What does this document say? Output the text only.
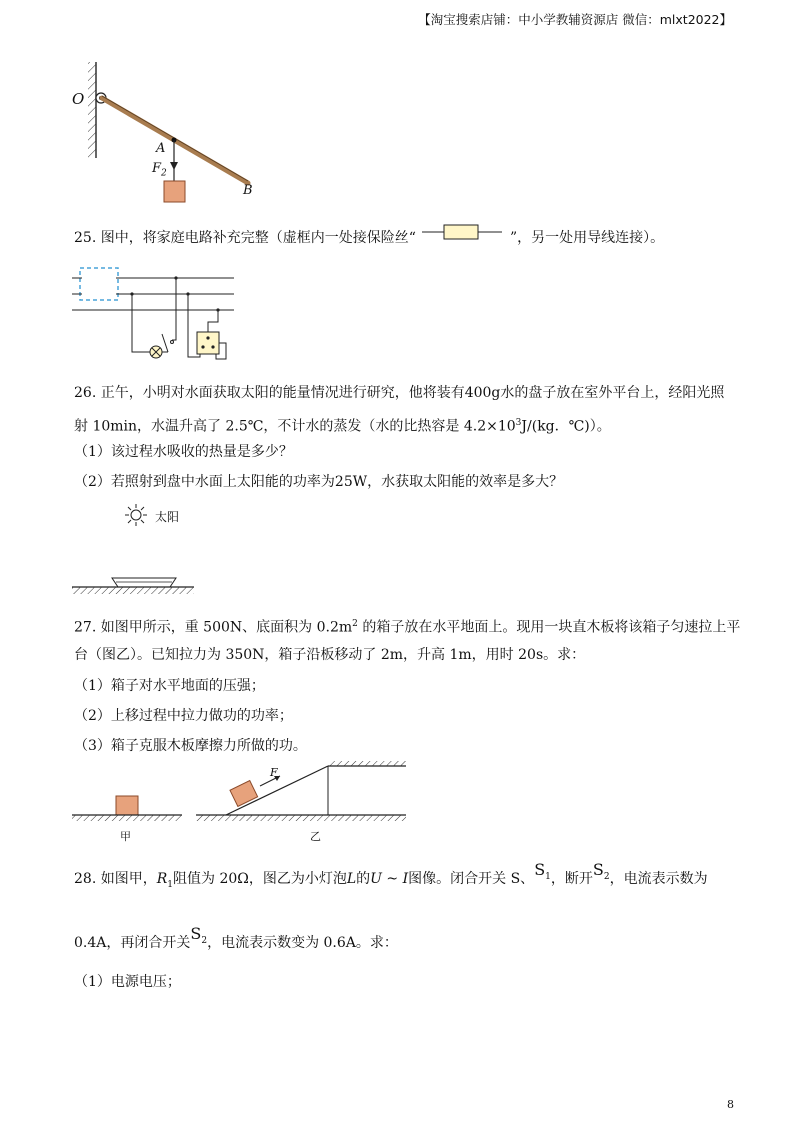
【淘宝搜索店铺：中小学教辅资源店 微信：mlxt2022】
O
A
$F_2$
B
25. 图中，将家庭电路补充完整（虚框内一处接保险丝“	”，另一处用导线连接）。
26. 正午，小明对水面获取太阳的能量情况进行研究，他将装有400g水的盘子放在室外平台上，经阳光照
射 10min，水温升高了 2.5℃，不计水的蒸发（水的比热容是 $4.2\times 10^3J/(kg$．℃)）。
（1）该过程水吸收的热量是多少？
（2）若照射到盘中水面上太阳能的功率为25W，水获取太阳能的效率是多大？
太阳
27. 如图甲所示，重 500N、底面积为 $0.2m^2$ 的箱子放在水平地面上。现用一块直木板将该箱子匀速拉上平
台（图乙）。已知拉力为 350N，箱子沿板移动了 2m，升高 1m，用时 20s。求：
（1）箱子对水平地面的压强；
（2）上移过程中拉力做功的功率；
（3）箱子克服木板摩擦力所做的功。
甲
F
乙
28. 如图甲，$R_1$阻值为 20Ω，图乙为小灯泡L的U ~ I图像。闭合开关 S、$S_1$，断开$S_2$，电流表示数为
0.4A，再闭合开关$S_2$，电流表示数变为 0.6A。求：
（1）电源电压；
8
